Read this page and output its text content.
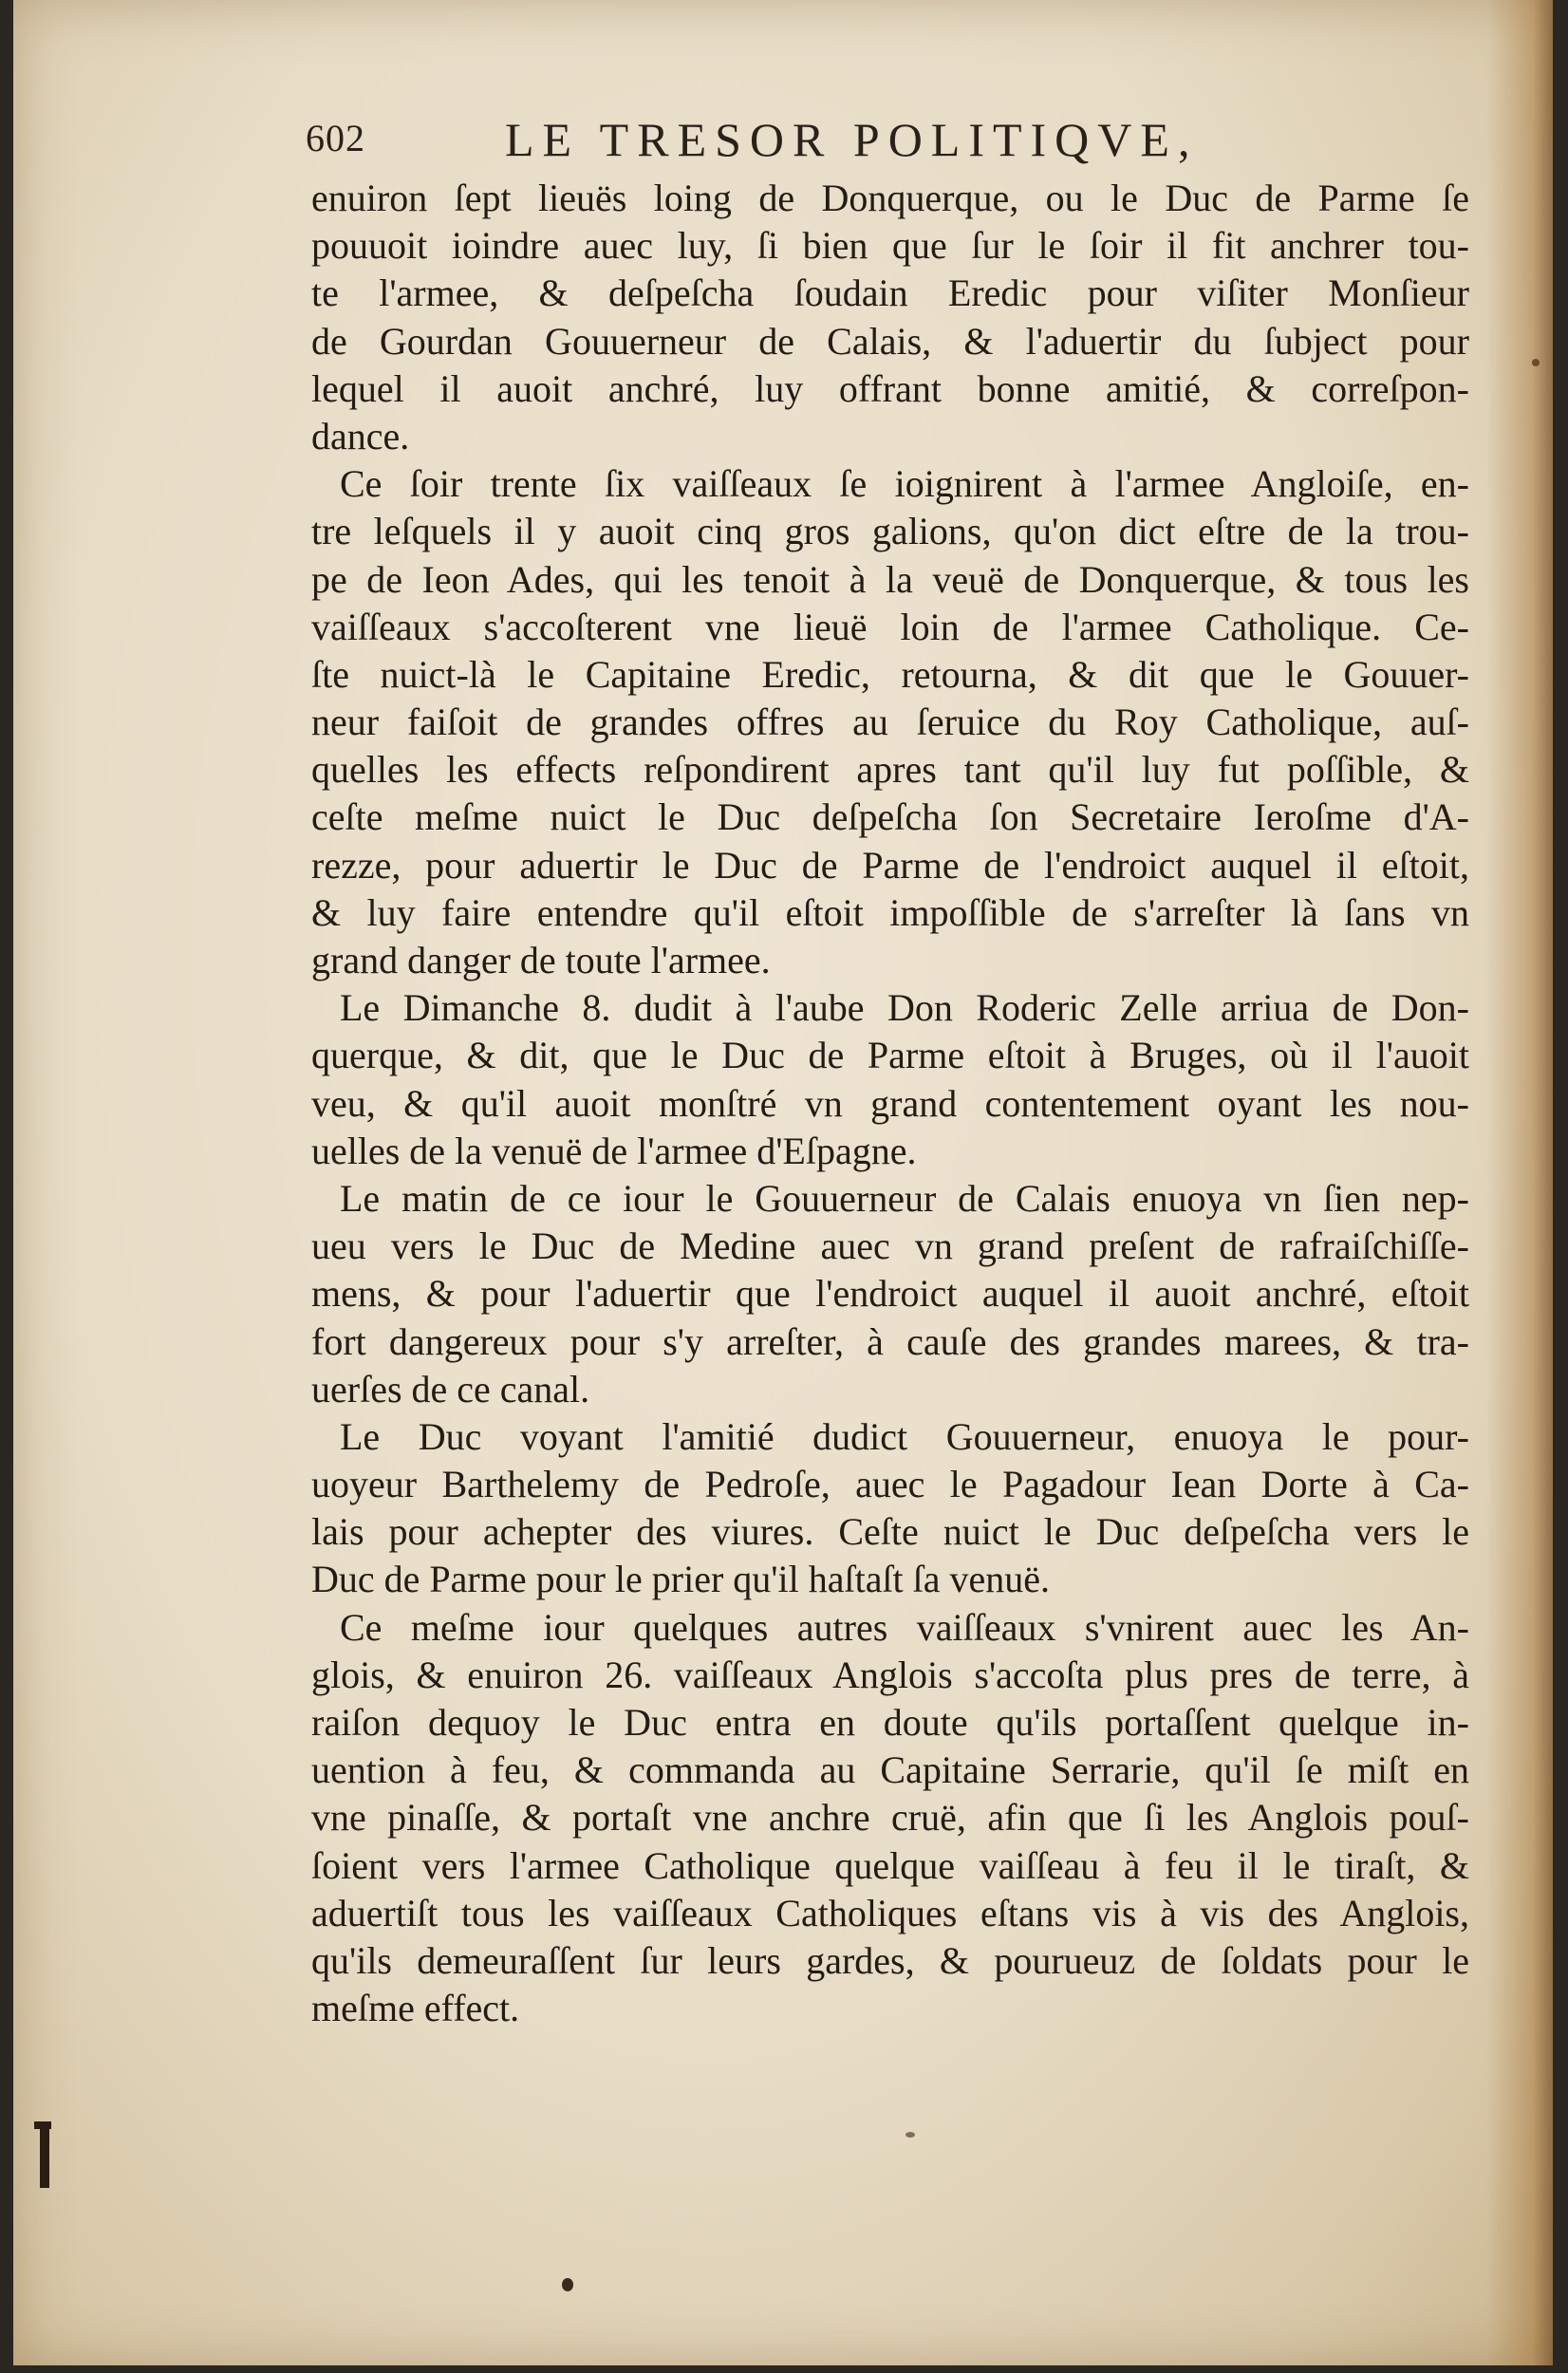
602	LE TRESOR POLITIQVE,
enuiron ſept lieuës loing de Donquerque, ou le Duc de Parme ſe
pouuoit ioindre auec luy, ſi bien que ſur le ſoir il fit anchrer tou-
te l'armee, & deſpeſcha ſoudain Eredic pour viſiter Monſieur
de Gourdan Gouuerneur de Calais, & l'aduertir du ſubject pour
lequel il auoit anchré, luy offrant bonne amitié, & correſpon-
dance.
Ce ſoir trente ſix vaiſſeaux ſe ioignirent à l'armee Angloiſe, en-
tre leſquels il y auoit cinq gros galions, qu'on dict eſtre de la trou-
pe de Ieon Ades, qui les tenoit à la veuë de Donquerque, & tous les
vaiſſeaux s'accoſterent vne lieuë loin de l'armee Catholique. Ce-
ſte nuict-là le Capitaine Eredic, retourna, & dit que le Gouuer-
neur faiſoit de grandes offres au ſeruice du Roy Catholique, auſ-
quelles les effects reſpondirent apres tant qu'il luy fut poſſible, &
ceſte meſme nuict le Duc deſpeſcha ſon Secretaire Ieroſme d'A-
rezze, pour aduertir le Duc de Parme de l'endroict auquel il eſtoit,
& luy faire entendre qu'il eſtoit impoſſible de s'arreſter là ſans vn
grand danger de toute l'armee.
Le Dimanche 8. dudit à l'aube Don Roderic Zelle arriua de Don-
querque, & dit, que le Duc de Parme eſtoit à Bruges, où il l'auoit
veu, & qu'il auoit monſtré vn grand contentement oyant les nou-
uelles de la venuë de l'armee d'Eſpagne.
Le matin de ce iour le Gouuerneur de Calais enuoya vn ſien nep-
ueu vers le Duc de Medine auec vn grand preſent de rafraiſchiſſe-
mens, & pour l'aduertir que l'endroict auquel il auoit anchré, eſtoit
fort dangereux pour s'y arreſter, à cauſe des grandes marees, & tra-
uerſes de ce canal.
Le Duc voyant l'amitié dudict Gouuerneur, enuoya le pour-
uoyeur Barthelemy de Pedroſe, auec le Pagadour Iean Dorte à Ca-
lais pour achepter des viures. Ceſte nuict le Duc deſpeſcha vers le
Duc de Parme pour le prier qu'il haſtaſt ſa venuë.
Ce meſme iour quelques autres vaiſſeaux s'vnirent auec les An-
glois, & enuiron 26. vaiſſeaux Anglois s'accoſta plus pres de terre, à
raiſon dequoy le Duc entra en doute qu'ils portaſſent quelque in-
uention à feu, & commanda au Capitaine Serrarie, qu'il ſe miſt en
vne pinaſſe, & portaſt vne anchre cruë, afin que ſi les Anglois pouſ-
ſoient vers l'armee Catholique quelque vaiſſeau à feu il le tiraſt, &
aduertiſt tous les vaiſſeaux Catholiques eſtans vis à vis des Anglois,
qu'ils demeuraſſent ſur leurs gardes, & pourueuz de ſoldats pour le
meſme effect.
